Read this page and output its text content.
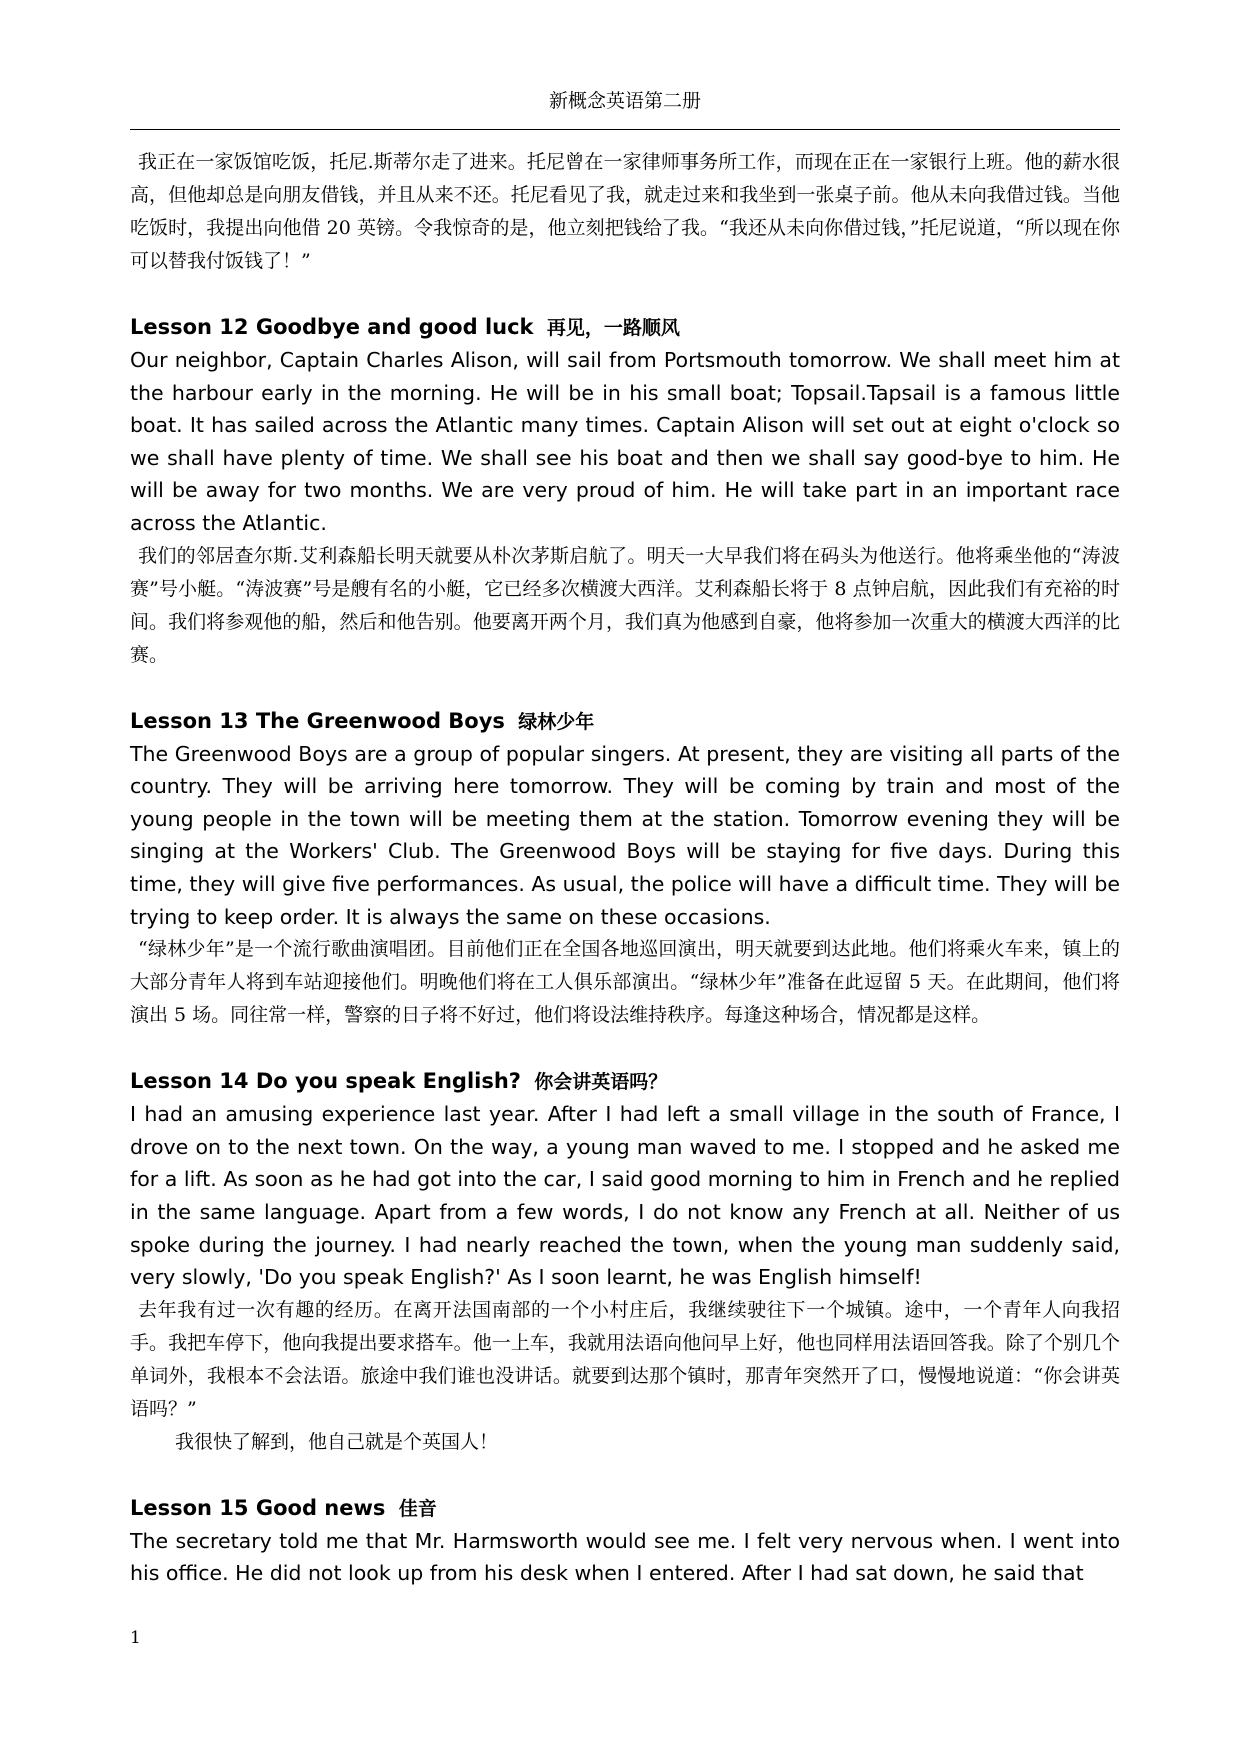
新概念英语第二册

我正在一家饭馆吃饭，托尼.斯蒂尔走了进来。托尼曾在一家律师事务所工作，而现在正在一家银行上班。他的薪水很高，但他却总是向朋友借钱，并且从来不还。托尼看见了我，就走过来和我坐到一张桌子前。他从未向我借过钱。当他吃饭时，我提出向他借 20 英镑。令我惊奇的是，他立刻把钱给了我。“我还从未向你借过钱，”托尼说道，“所以现在你可以替我付饭钱了！”

Lesson 12 Goodbye and good luck 再见，一路顺风

Our neighbor, Captain Charles Alison, will sail from Portsmouth tomorrow. We shall meet him at the harbour early in the morning. He will be in his small boat; Topsail.Tapsail is a famous little boat. It has sailed across the Atlantic many times. Captain Alison will set out at eight o'clock so we shall have plenty of time. We shall see his boat and then we shall say good-bye to him. He will be away for two months. We are very proud of him. He will take part in an important race across the Atlantic.

我们的邻居查尔斯.艾利森船长明天就要从朴次茅斯启航了。明天一大早我们将在码头为他送行。他将乘坐他的“涛波赛”号小艇。“涛波赛”号是艘有名的小艇，它已经多次横渡大西洋。艾利森船长将于 8 点钟启航，因此我们有充裕的时间。我们将参观他的船，然后和他告别。他要离开两个月，我们真为他感到自豪，他将参加一次重大的横渡大西洋的比赛。

Lesson 13 The Greenwood Boys 绿林少年

The Greenwood Boys are a group of popular singers. At present, they are visiting all parts of the country. They will be arriving here tomorrow. They will be coming by train and most of the young people in the town will be meeting them at the station. Tomorrow evening they will be singing at the Workers' Club. The Greenwood Boys will be staying for five days. During this time, they will give five performances. As usual, the police will have a difficult time. They will be trying to keep order. It is always the same on these occasions.

“绿林少年”是一个流行歌曲演唱团。目前他们正在全国各地巡回演出，明天就要到达此地。他们将乘火车来，镇上的大部分青年人将到车站迎接他们。明晚他们将在工人俱乐部演出。“绿林少年”准备在此逗留 5 天。在此期间，他们将演出 5 场。同往常一样，警察的日子将不好过，他们将设法维持秩序。每逢这种场合，情况都是这样。

Lesson 14 Do you speak English? 你会讲英语吗？

I had an amusing experience last year. After I had left a small village in the south of France, I drove on to the next town. On the way, a young man waved to me. I stopped and he asked me for a lift. As soon as he had got into the car, I said good morning to him in French and he replied in the same language. Apart from a few words, I do not know any French at all. Neither of us spoke during the journey. I had nearly reached the town, when the young man suddenly said, very slowly, 'Do you speak English?' As I soon learnt, he was English himself!

去年我有过一次有趣的经历。在离开法国南部的一个小村庄后，我继续驶往下一个城镇。途中，一个青年人向我招手。我把车停下，他向我提出要求搭车。他一上车，我就用法语向他问早上好，他也同样用法语回答我。除了个别几个单词外，我根本不会法语。旅途中我们谁也没讲话。就要到达那个镇时，那青年突然开了口，慢慢地说道：“你会讲英语吗？”

我很快了解到，他自己就是个英国人！

Lesson 15 Good news 佳音

The secretary told me that Mr. Harmsworth would see me. I felt very nervous when. I went into his office. He did not look up from his desk when I entered. After I had sat down, he said that

1
